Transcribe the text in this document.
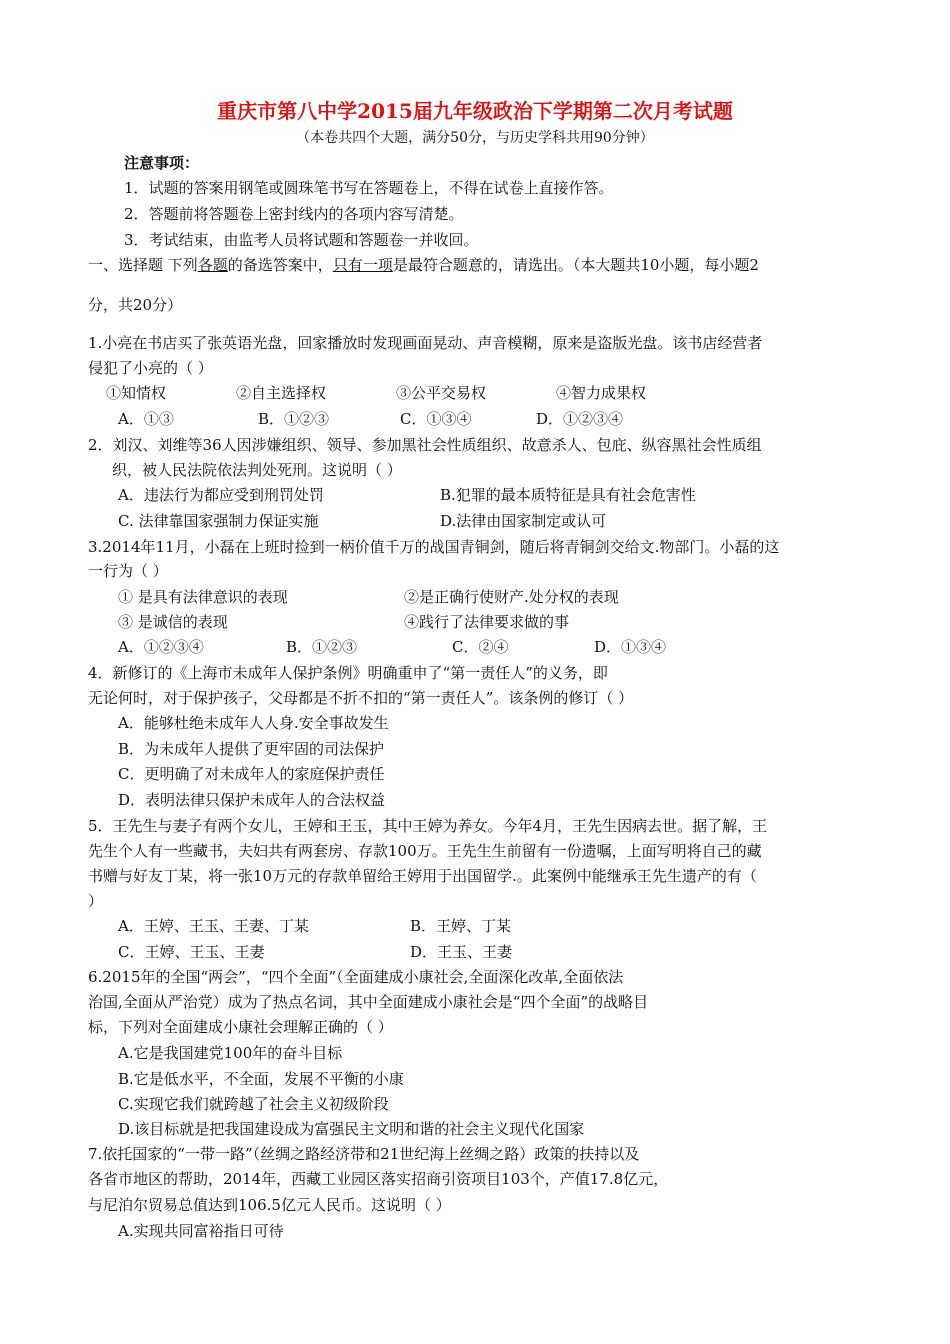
重庆市第八中学2015届九年级政治下学期第二次月考试题
（本卷共四个大题，满分50分，与历史学科共用90分钟）
注意事项：
1．试题的答案用钢笔或圆珠笔书写在答题卷上，不得在试卷上直接作答。
2．答题前将答题卷上密封线内的各项内容写清楚。
3．考试结束，由监考人员将试题和答题卷一并收回。
一、选择题 下列各题的备选答案中，只有一项是最符合题意的，请选出。（本大题共10小题，每小题2
分，共20分）
1.小亮在书店买了张英语光盘，回家播放时发现画面晃动、声音模糊，原来是盗版光盘。该书店经营者
侵犯了小亮的（ ）
①知情权	②自主选择权	③公平交易权	④智力成果权
A．①③	B．①②③	C．①③④	D．①②③④
2．刘汉、刘维等36人因涉嫌组织、领导、参加黑社会性质组织、故意杀人、包庇、纵容黑社会性质组
织，被人民法院依法判处死刑。这说明（ ）
A．违法行为都应受到刑罚处罚	B.犯罪的最本质特征是具有社会危害性
C. 法律靠国家强制力保证实施	D.法律由国家制定或认可
3.2014年11月，小磊在上班时捡到一柄价值千万的战国青铜剑，随后将青铜剑交给文.物部门。小磊的这
一行为（ ）
① 是具有法律意识的表现	②是正确行使财产.处分权的表现
③ 是诚信的表现	④践行了法律要求做的事
A．①②③④	B．①②③	C．②④	D．①③④
4．新修订的《上海市未成年人保护条例》明确重申了“第一责任人”的义务，即
无论何时，对于保护孩子，父母都是不折不扣的“第一责任人”。该条例的修订（ ）
A．能够杜绝未成年人人身.安全事故发生
B．为未成年人提供了更牢固的司法保护
C．更明确了对未成年人的家庭保护责任
D．表明法律只保护未成年人的合法权益
5．王先生与妻子有两个女儿，王婷和王玉，其中王婷为养女。今年4月，王先生因病去世。据了解，王
先生个人有一些藏书，夫妇共有两套房、存款100万。王先生生前留有一份遗嘱，上面写明将自己的藏
书赠与好友丁某，将一张10万元的存款单留给王婷用于出国留学.。此案例中能继承王先生遗产的有（
）
A．王婷、王玉、王妻、丁某	B．王婷、丁某
C．王婷、王玉、王妻	D．王玉、王妻
6.2015年的全国“两会”，“四个全面”（全面建成小康社会,全面深化改革,全面依法
治国,全面从严治党）成为了热点名词，其中全面建成小康社会是“四个全面”的战略目
标，下列对全面建成小康社会理解正确的（ ）
A.它是我国建党100年的奋斗目标
B.它是低水平，不全面，发展不平衡的小康
C.实现它我们就跨越了社会主义初级阶段
D.该目标就是把我国建设成为富强民主文明和谐的社会主义现代化国家
7.依托国家的“一带一路”（丝绸之路经济带和21世纪海上丝绸之路）政策的扶持以及
各省市地区的帮助，2014年，西藏工业园区落实招商引资项目103个，产值17.8亿元，
与尼泊尔贸易总值达到106.5亿元人民币。这说明（ ）
A.实现共同富裕指日可待
